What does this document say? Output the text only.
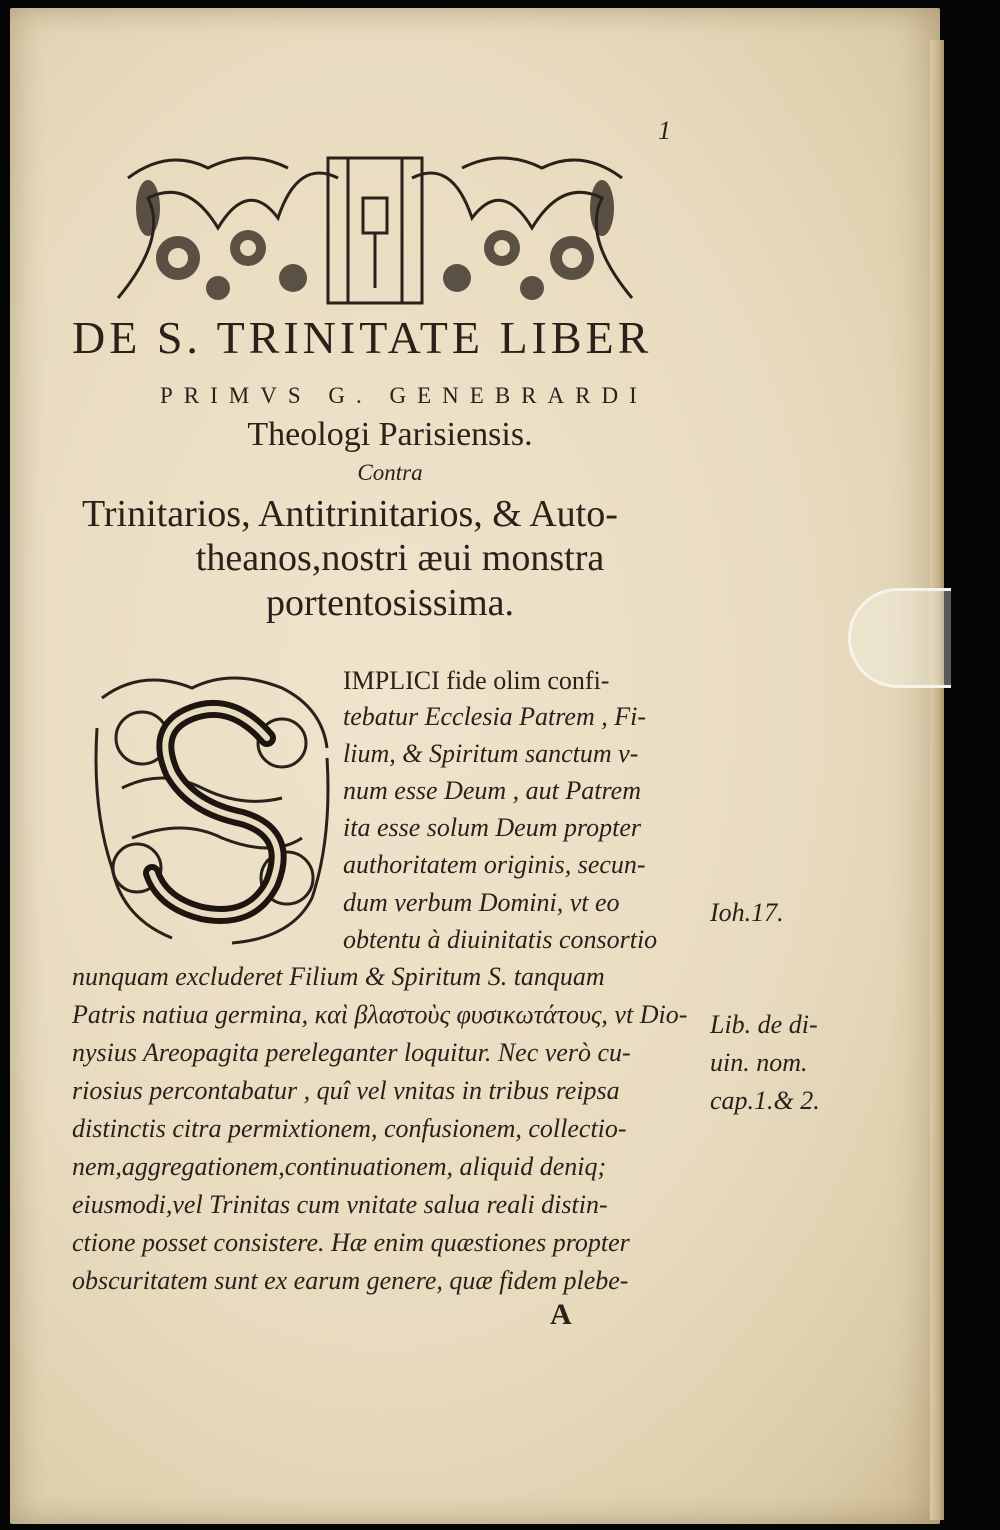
1
DE S. TRINITATE LIBER
PRIMVS G. GENEBRARDI
Theologi Parisiensis.
Contra
Trinitarios, Antitrinitarios, & Auto-
theanos,nostri æui monstra
portentosissima.
IMPLICI fide olim confi-
tebatur Ecclesia Patrem , Fi-
lium, & Spiritum sanctum v-
num esse Deum , aut Patrem
ita esse solum Deum propter
authoritatem originis, secun-
dum verbum Domini, vt eo
obtentu à diuinitatis consortio
nunquam excluderet Filium & Spiritum S. tanquam
Patris natiua germina, καὶ βλαστοὺς φυσικωτάτους, vt Dio-
nysius Areopagita pereleganter loquitur. Nec verò cu-
riosius percontabatur , quî vel vnitas in tribus reipsa
distinctis citra permixtionem, confusionem, collectio-
nem,aggregationem,continuationem, aliquid deniq;
eiusmodi,vel Trinitas cum vnitate salua reali distin-
ctione posset consistere. Hæ enim quæstiones propter
obscuritatem sunt ex earum genere, quæ fidem plebe-
Ioh.17.
Lib. de di-
uin. nom.
cap.1.& 2.
A
